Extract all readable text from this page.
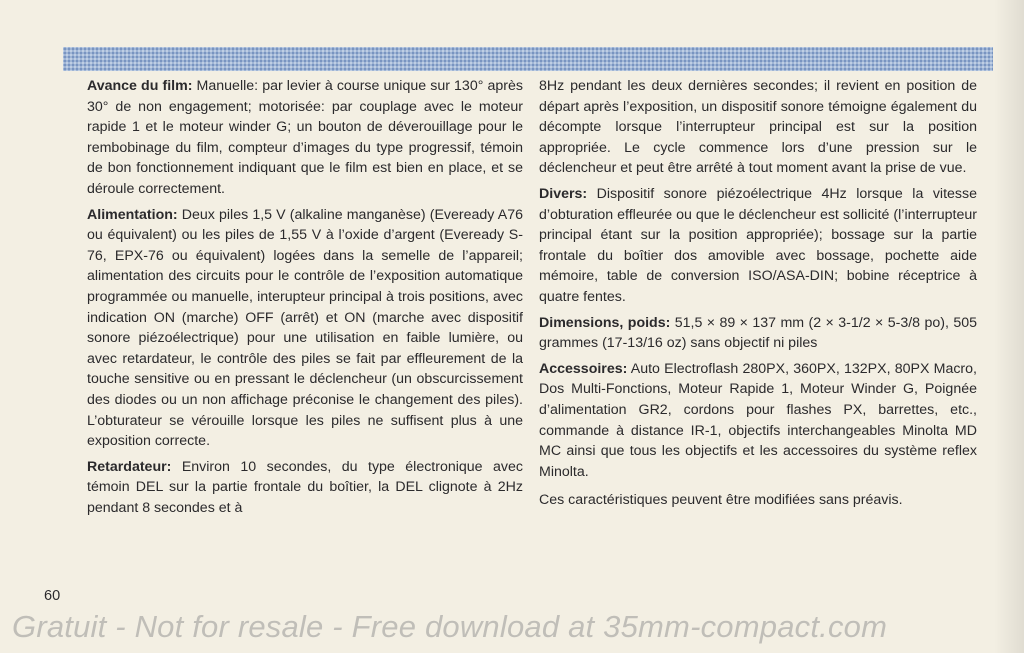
Avance du film: Manuelle: par levier à course unique sur 130° après 30° de non engagement; motorisée: par couplage avec le moteur rapide 1 et le moteur winder G; un bouton de déverouillage pour le rembobinage du film, compteur d’images du type progressif, témoin de bon fonctionnement indiquant que le film est bien en place, et se déroule correctement.

Alimentation: Deux piles 1,5 V (alkaline manganèse) (Eveready A76 ou équivalent) ou les piles de 1,55 V à l’oxide d’argent (Eveready S-76, EPX-76 ou équivalent) logées dans la semelle de l’appareil; alimentation des circuits pour le contrôle de l’exposition automatique programmée ou manuelle, interupteur principal à trois positions, avec indication ON (marche) OFF (arrêt) et ON (marche avec dispositif sonore piézoélectrique) pour une utilisation en faible lumière, ou avec retardateur, le contrôle des piles se fait par effleurement de la touche sensitive ou en pressant le déclencheur (un obscurcissement des diodes ou un non affichage préconise le changement des piles). L’obturateur se vérouille lorsque les piles ne suffisent plus à une exposition correcte.

Retardateur: Environ 10 secondes, du type électronique avec témoin DEL sur la partie frontale du boîtier, la DEL clignote à 2Hz pendant 8 secondes et à

8Hz pendant les deux dernières secondes; il revient en position de départ après l’exposition, un dispositif sonore témoigne également du décompte lorsque l’interrupteur principal est sur la position appropriée. Le cycle commence lors d’une pression sur le déclencheur et peut être arrêté à tout moment avant la prise de vue.

Divers: Dispositif sonore piézoélectrique 4Hz lorsque la vitesse d’obturation effleurée ou que le déclencheur est sollicité (l’interrupteur principal étant sur la position appropriée); bossage sur la partie frontale du boîtier dos amovible avec bossage, pochette aide mémoire, table de conversion ISO/ASA-DIN; bobine réceptrice à quatre fentes.

Dimensions, poids: 51,5 × 89 × 137 mm (2 × 3-1/2 × 5-3/8 po), 505 grammes (17-13/16 oz) sans objectif ni piles

Accessoires: Auto Electroflash 280PX, 360PX, 132PX, 80PX Macro, Dos Multi-Fonctions, Moteur Rapide 1, Moteur Winder G, Poignée d’alimentation GR2, cordons pour flashes PX, barrettes, etc., commande à distance IR-1, objectifs interchangeables Minolta MD MC ainsi que tous les objectifs et les accessoires du système reflex Minolta.

Ces caractéristiques peuvent être modifiées sans préavis.

60
Gratuit - Not for resale - Free download at 35mm-compact.com
